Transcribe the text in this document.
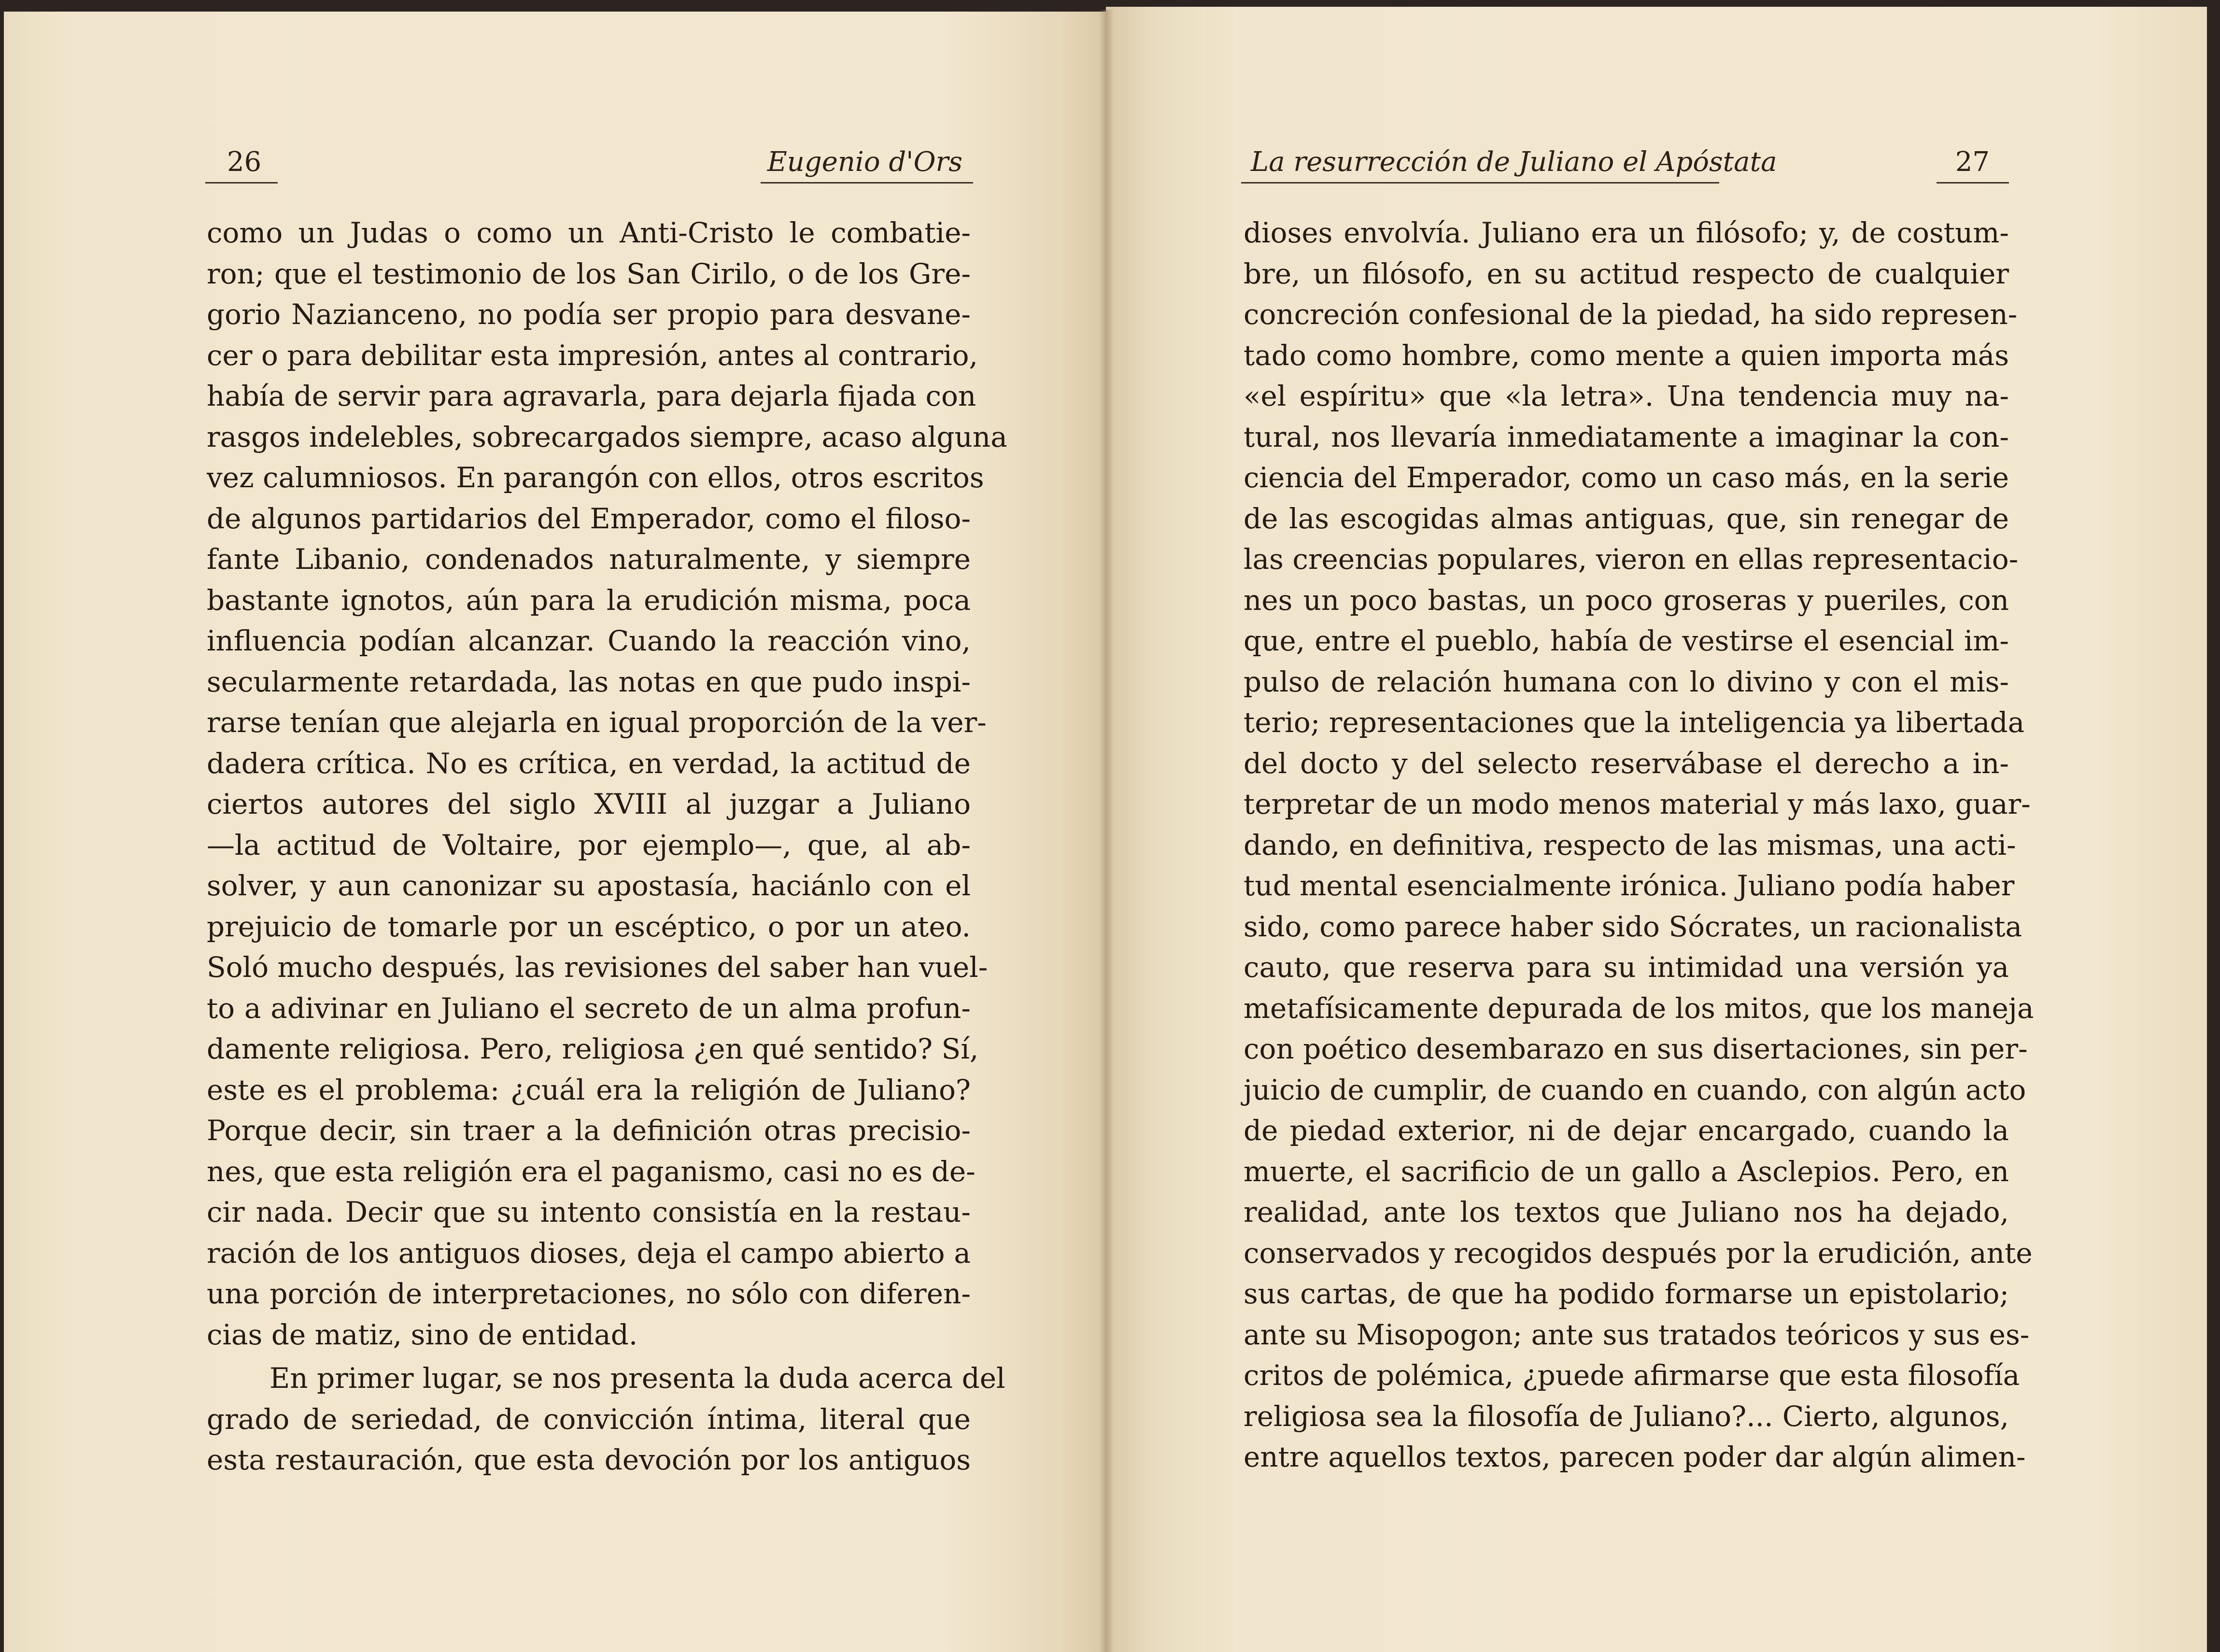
26	Eugenio d'Ors	La resurrección de Juliano el Apóstata	27
como un Judas o como un Anti-Cristo le combatie-
ron; que el testimonio de los San Cirilo, o de los Gre-
gorio Nazianceno, no podía ser propio para desvane-
cer o para debilitar esta impresión, antes al contrario,
había de servir para agravarla, para dejarla fijada con
rasgos indelebles, sobrecargados siempre, acaso alguna
vez calumniosos. En parangón con ellos, otros escritos
de algunos partidarios del Emperador, como el filoso-
fante Libanio, condenados naturalmente, y siempre
bastante ignotos, aún para la erudición misma, poca
influencia podían alcanzar. Cuando la reacción vino,
secularmente retardada, las notas en que pudo inspi-
rarse tenían que alejarla en igual proporción de la ver-
dadera crítica. No es crítica, en verdad, la actitud de
ciertos autores del siglo XVIII al juzgar a Juliano
—la actitud de Voltaire, por ejemplo—, que, al ab-
solver, y aun canonizar su apostasía, haciánlo con el
prejuicio de tomarle por un escéptico, o por un ateo.
Soló mucho después, las revisiones del saber han vuel-
to a adivinar en Juliano el secreto de un alma profun-
damente religiosa. Pero, religiosa ¿en qué sentido? Sí,
este es el problema: ¿cuál era la religión de Juliano?
Porque decir, sin traer a la definición otras precisio-
nes, que esta religión era el paganismo, casi no es de-
cir nada. Decir que su intento consistía en la restau-
ración de los antiguos dioses, deja el campo abierto a
una porción de interpretaciones, no sólo con diferen-
cias de matiz, sino de entidad.
En primer lugar, se nos presenta la duda acerca del
grado de seriedad, de convicción íntima, literal que
esta restauración, que esta devoción por los antiguos
dioses envolvía. Juliano era un filósofo; y, de costum-
bre, un filósofo, en su actitud respecto de cualquier
concreción confesional de la piedad, ha sido represen-
tado como hombre, como mente a quien importa más
«el espíritu» que «la letra». Una tendencia muy na-
tural, nos llevaría inmediatamente a imaginar la con-
ciencia del Emperador, como un caso más, en la serie
de las escogidas almas antiguas, que, sin renegar de
las creencias populares, vieron en ellas representacio-
nes un poco bastas, un poco groseras y pueriles, con
que, entre el pueblo, había de vestirse el esencial im-
pulso de relación humana con lo divino y con el mis-
terio; representaciones que la inteligencia ya libertada
del docto y del selecto reservábase el derecho a in-
terpretar de un modo menos material y más laxo, guar-
dando, en definitiva, respecto de las mismas, una acti-
tud mental esencialmente irónica. Juliano podía haber
sido, como parece haber sido Sócrates, un racionalista
cauto, que reserva para su intimidad una versión ya
metafísicamente depurada de los mitos, que los maneja
con poético desembarazo en sus disertaciones, sin per-
juicio de cumplir, de cuando en cuando, con algún acto
de piedad exterior, ni de dejar encargado, cuando la
muerte, el sacrificio de un gallo a Asclepios. Pero, en
realidad, ante los textos que Juliano nos ha dejado,
conservados y recogidos después por la erudición, ante
sus cartas, de que ha podido formarse un epistolario;
ante su Misopogon; ante sus tratados teóricos y sus es-
critos de polémica, ¿puede afirmarse que esta filosofía
religiosa sea la filosofía de Juliano?... Cierto, algunos,
entre aquellos textos, parecen poder dar algún alimen-
